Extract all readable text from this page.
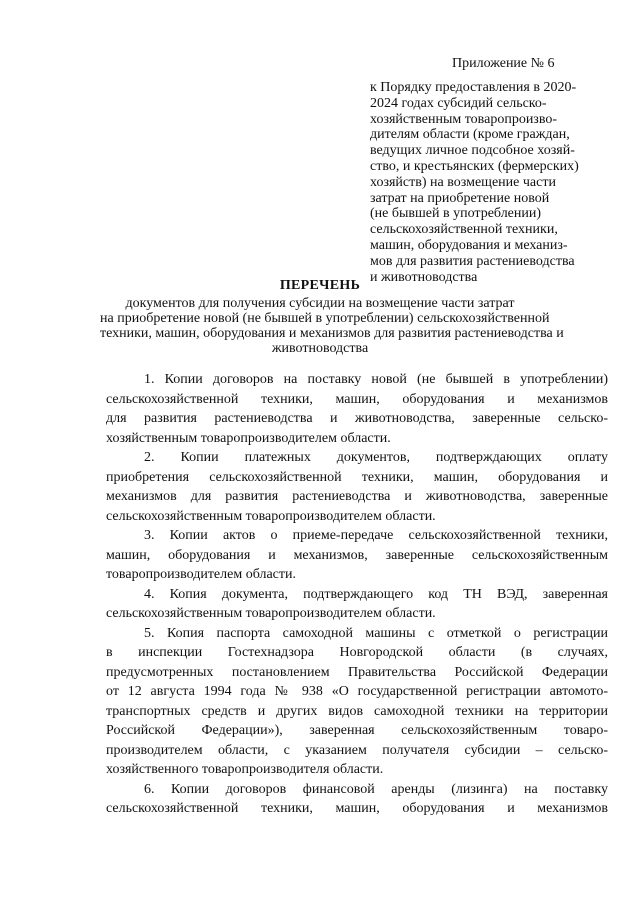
Приложение № 6
к Порядку предоставления в 2020-
2024 годах субсидий сельско-
хозяйственным товаропроизво-
дителям области (кроме граждан,
ведущих личное подсобное хозяй-
ство, и крестьянских (фермерских)
хозяйств) на возмещение части
затрат на приобретение новой
(не бывшей в употреблении)
сельскохозяйственной техники,
машин, оборудования и механиз-
мов для развития растениеводства
и животноводства
ПЕРЕЧЕНЬ
документов для получения субсидии на возмещение части затрат
на приобретение новой (не бывшей в употреблении) сельскохозяйственной
техники, машин, оборудования и механизмов для развития растениеводства и
животноводства
1. Копии договоров на поставку новой (не бывшей в употреблении)
сельскохозяйственной техники, машин, оборудования и механизмов
для развития растениеводства и животноводства, заверенные сельско-
хозяйственным товаропроизводителем области.
2. Копии платежных документов, подтверждающих оплату
приобретения сельскохозяйственной техники, машин, оборудования и
механизмов для развития растениеводства и животноводства, заверенные
сельскохозяйственным товаропроизводителем области.
3. Копии актов о приеме-передаче сельскохозяйственной техники,
машин, оборудования и механизмов, заверенные сельскохозяйственным
товаропроизводителем области.
4. Копия документа, подтверждающего код ТН ВЭД, заверенная
сельскохозяйственным товаропроизводителем области.
5. Копия паспорта самоходной машины с отметкой о регистрации
в инспекции Гостехнадзора Новгородской области (в случаях,
предусмотренных постановлением Правительства Российской Федерации
от 12 августа 1994 года № 938 «О государственной регистрации автомото-
транспортных средств и других видов самоходной техники на территории
Российской Федерации»), заверенная сельскохозяйственным товаро-
производителем области, с указанием получателя субсидии – сельско-
хозяйственного товаропроизводителя области.
6. Копии договоров финансовой аренды (лизинга) на поставку
сельскохозяйственной техники, машин, оборудования и механизмов
